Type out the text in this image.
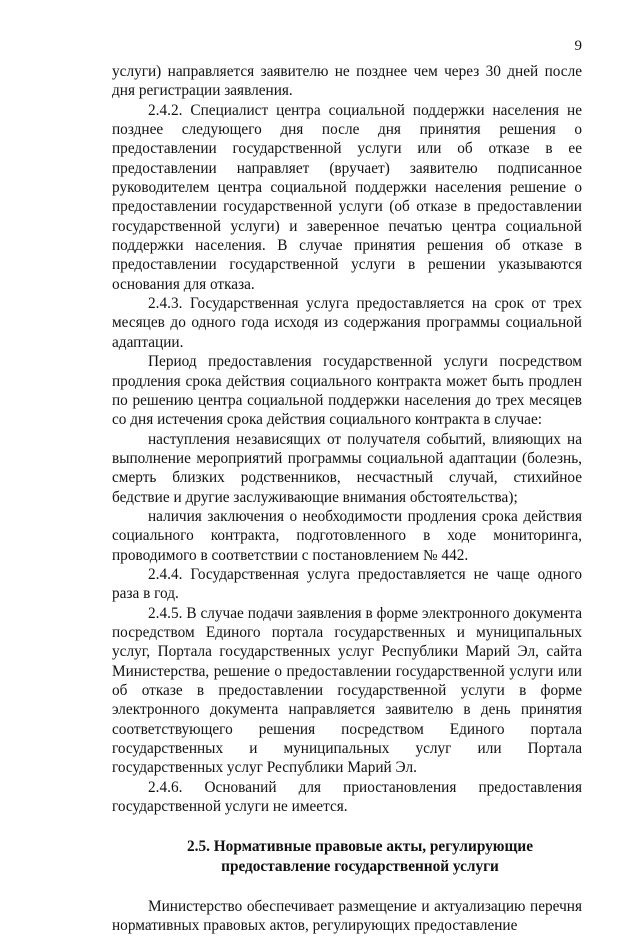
9

услуги) направляется заявителю не позднее чем через 30 дней после дня регистрации заявления.

2.4.2. Специалист центра социальной поддержки населения не позднее следующего дня после дня принятия решения о предоставлении государственной услуги или об отказе в ее предоставлении направляет (вручает) заявителю подписанное руководителем центра социальной поддержки населения решение о предоставлении государственной услуги (об отказе в предоставлении государственной услуги) и заверенное печатью центра социальной поддержки населения. В случае принятия решения об отказе в предоставлении государственной услуги в решении указываются основания для отказа.

2.4.3. Государственная услуга предоставляется на срок от трех месяцев до одного года исходя из содержания программы социальной адаптации.

Период предоставления государственной услуги посредством продления срока действия социального контракта может быть продлен по решению центра социальной поддержки населения до трех месяцев со дня истечения срока действия социального контракта в случае:

наступления независящих от получателя событий, влияющих на выполнение мероприятий программы социальной адаптации (болезнь, смерть близких родственников, несчастный случай, стихийное бедствие и другие заслуживающие внимания обстоятельства);

наличия заключения о необходимости продления срока действия социального контракта, подготовленного в ходе мониторинга, проводимого в соответствии с постановлением № 442.

2.4.4. Государственная услуга предоставляется не чаще одного раза в год.

2.4.5. В случае подачи заявления в форме электронного документа посредством Единого портала государственных и муниципальных услуг, Портала государственных услуг Республики Марий Эл, сайта Министерства, решение о предоставлении государственной услуги или об отказе в предоставлении государственной услуги в форме электронного документа направляется заявителю в день принятия соответствующего решения посредством Единого портала государственных и муниципальных услуг или Портала государственных услуг Республики Марий Эл.

2.4.6. Оснований для приостановления предоставления государственной услуги не имеется.

2.5. Нормативные правовые акты, регулирующие предоставление государственной услуги

Министерство обеспечивает размещение и актуализацию перечня нормативных правовых актов, регулирующих предоставление
